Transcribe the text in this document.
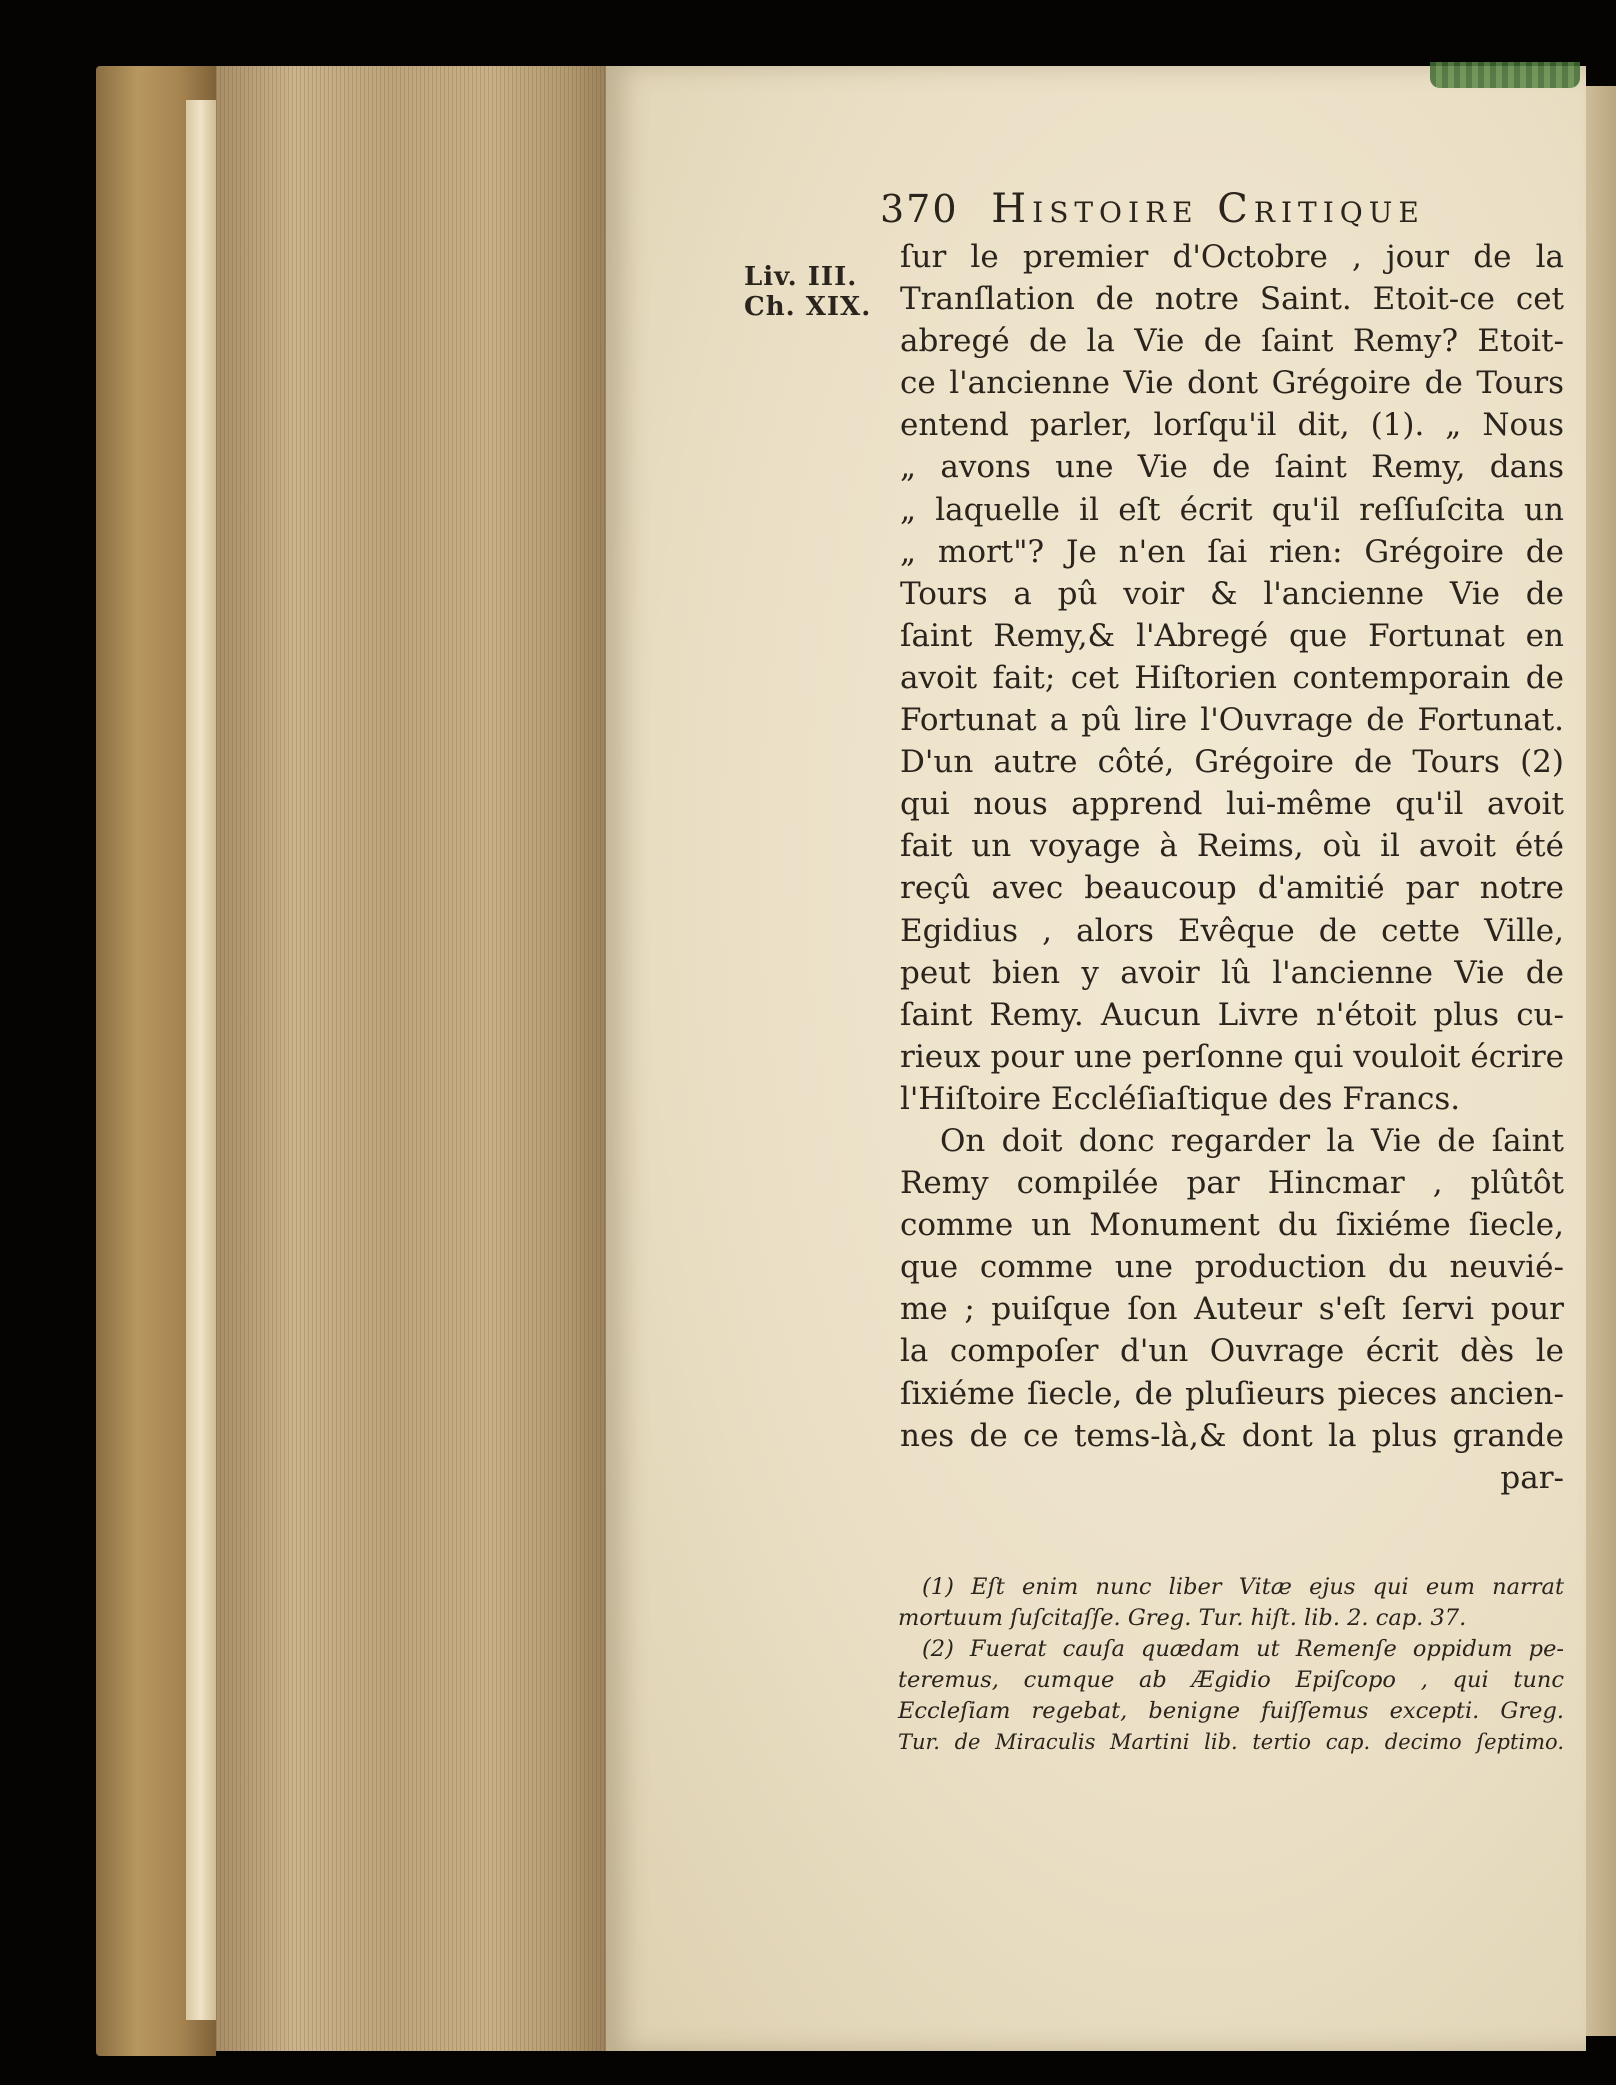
370 Histoire Critique
Liv. III.
Ch. XIX.
ſur le premier d'Octobre , jour de la
Tranſlation de notre Saint. Etoit-ce cet
abregé de la Vie de ſaint Remy? Etoit-
ce l'ancienne Vie dont Grégoire de Tours
entend parler, lorſqu'il dit, (1). „ Nous
„ avons une Vie de ſaint Remy, dans
„ laquelle il eſt écrit qu'il reſſuſcita un
„ mort"? Je n'en ſai rien: Grégoire de
Tours a pû voir & l'ancienne Vie de
ſaint Remy,& l'Abregé que Fortunat en
avoit fait; cet Hiſtorien contemporain de
Fortunat a pû lire l'Ouvrage de Fortunat.
D'un autre côté, Grégoire de Tours (2)
qui nous apprend lui-même qu'il avoit
fait un voyage à Reims, où il avoit été
reçû avec beaucoup d'amitié par notre
Egidius , alors Evêque de cette Ville,
peut bien y avoir lû l'ancienne Vie de
ſaint Remy. Aucun Livre n'étoit plus cu-
rieux pour une perſonne qui vouloit écrire
l'Hiſtoire Eccléſiaſtique des Francs.
On doit donc regarder la Vie de ſaint
Remy compilée par Hincmar , plûtôt
comme un Monument du ſixiéme ſiecle,
que comme une production du neuvié-
me ; puiſque ſon Auteur s'eſt ſervi pour
la compoſer d'un Ouvrage écrit dès le
ſixiéme ſiecle, de pluſieurs pieces ancien-
nes de ce tems-là,& dont la plus grande
par-
(1) Eſt enim nunc liber Vitæ ejus qui eum narrat
mortuum ſuſcitaſſe. Greg. Tur. hiſt. lib. 2. cap. 37.
(2) Fuerat cauſa quædam ut Remenſe oppidum pe-
teremus, cumque ab Ægidio Epiſcopo , qui tunc
Eccleſiam regebat, benigne fuiſſemus excepti. Greg.
Tur. de Miraculis Martini lib. tertio cap. decimo ſeptimo.
